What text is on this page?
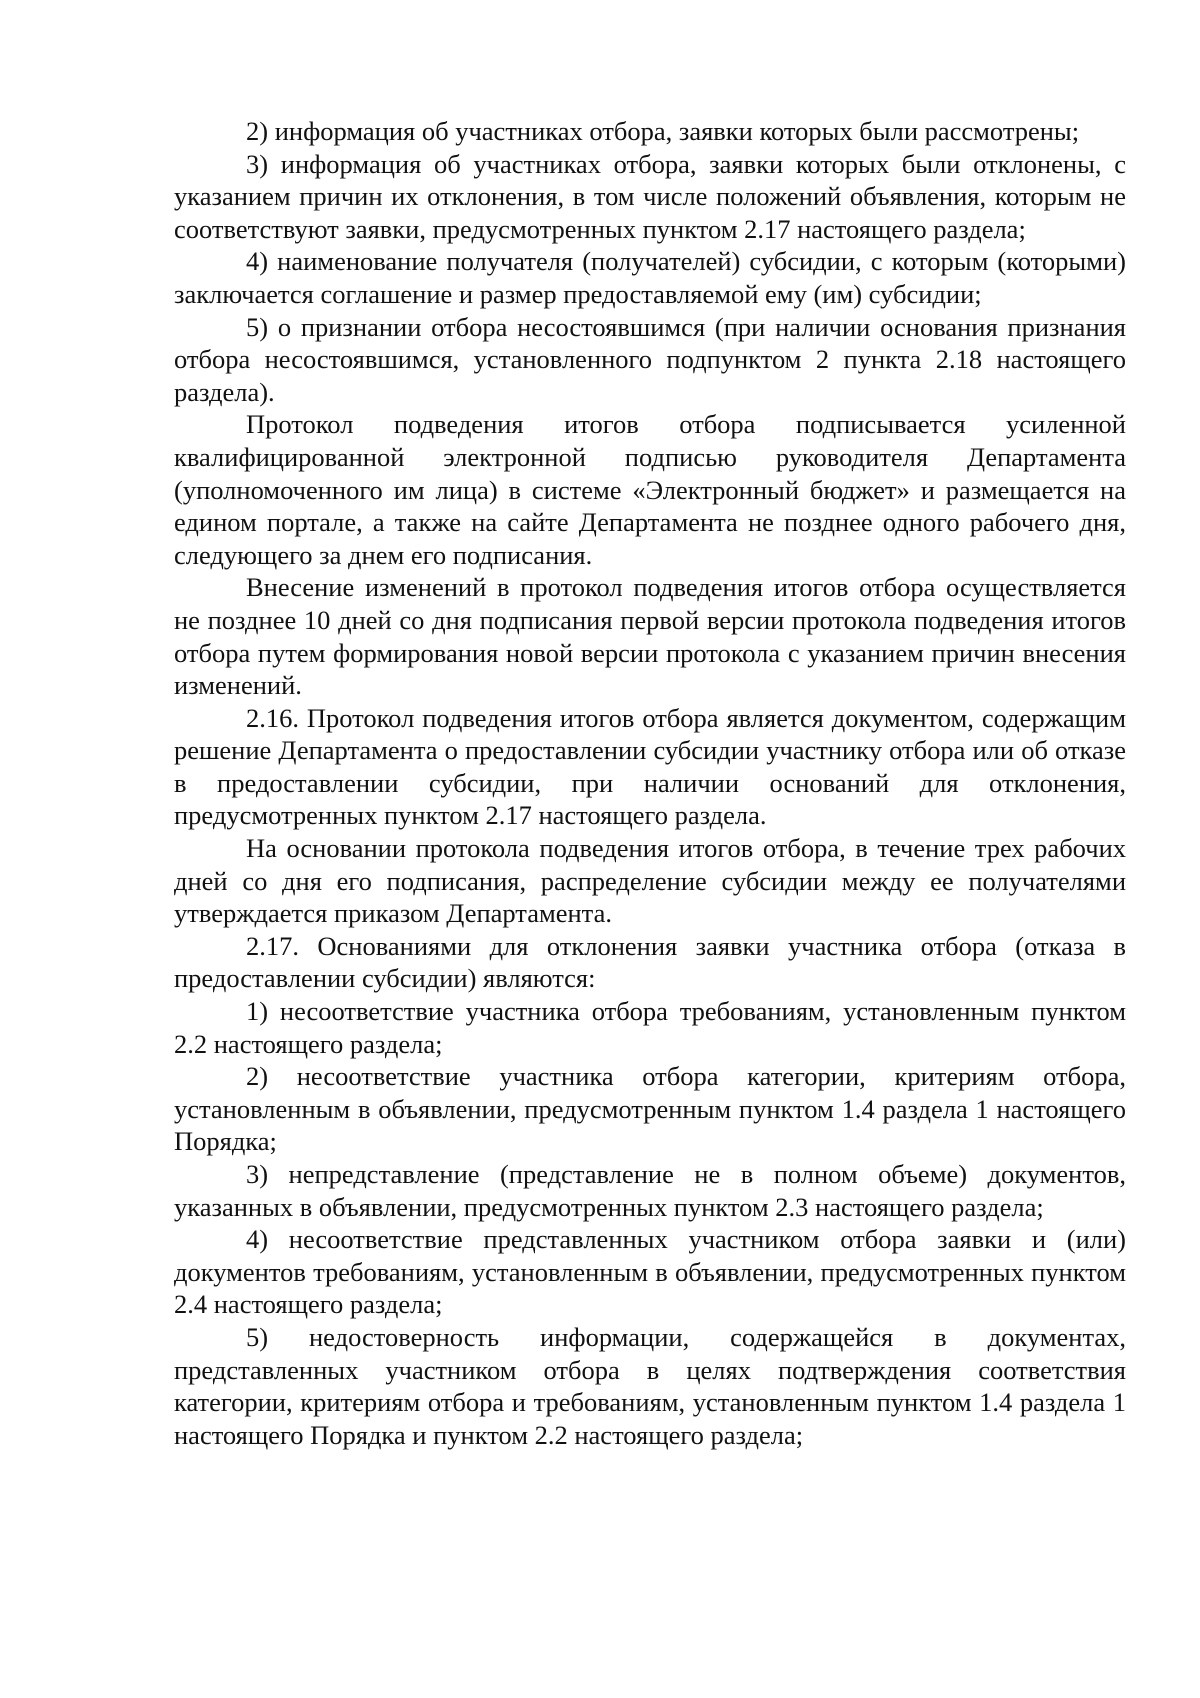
2) информация об участниках отбора, заявки которых были рассмотрены;

3) информация об участниках отбора, заявки которых были отклонены, с указанием причин их отклонения, в том числе положений объявления, которым не соответствуют заявки, предусмотренных пунктом 2.17 настоящего раздела;

4) наименование получателя (получателей) субсидии, с которым (которыми) заключается соглашение и размер предоставляемой ему (им) субсидии;

5) о признании отбора несостоявшимся (при наличии основания признания отбора несостоявшимся, установленного подпунктом 2 пункта 2.18 настоящего раздела).

Протокол подведения итогов отбора подписывается усиленной квалифицированной электронной подписью руководителя Департамента (уполномоченного им лица) в системе «Электронный бюджет» и размещается на едином портале, а также на сайте Департамента не позднее одного рабочего дня, следующего за днем его подписания.

Внесение изменений в протокол подведения итогов отбора осуществляется не позднее 10 дней со дня подписания первой версии протокола подведения итогов отбора путем формирования новой версии протокола с указанием причин внесения изменений.

2.16. Протокол подведения итогов отбора является документом, содержащим решение Департамента о предоставлении субсидии участнику отбора или об отказе в предоставлении субсидии, при наличии оснований для отклонения, предусмотренных пунктом 2.17 настоящего раздела.

На основании протокола подведения итогов отбора, в течение трех рабочих дней со дня его подписания, распределение субсидии между ее получателями утверждается приказом Департамента.

2.17. Основаниями для отклонения заявки участника отбора (отказа в предоставлении субсидии) являются:

1) несоответствие участника отбора требованиям, установленным пунктом 2.2 настоящего раздела;

2) несоответствие участника отбора категории, критериям отбора, установленным в объявлении, предусмотренным пунктом 1.4 раздела 1 настоящего Порядка;

3) непредставление (представление не в полном объеме) документов, указанных в объявлении, предусмотренных пунктом 2.3 настоящего раздела;

4) несоответствие представленных участником отбора заявки и (или) документов требованиям, установленным в объявлении, предусмотренных пунктом 2.4 настоящего раздела;

5) недостоверность информации, содержащейся в документах, представленных участником отбора в целях подтверждения соответствия категории, критериям отбора и требованиям, установленным пунктом 1.4 раздела 1 настоящего Порядка и пунктом 2.2 настоящего раздела;
